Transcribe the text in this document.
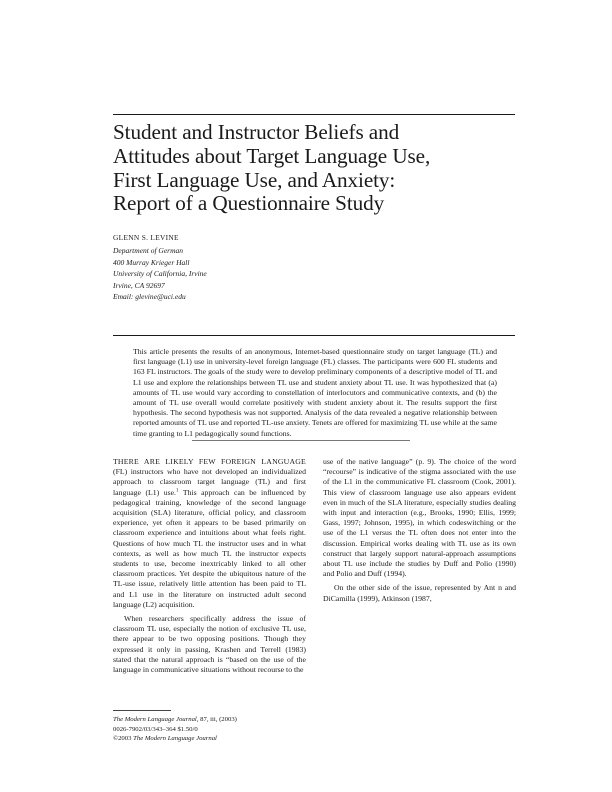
Student and Instructor Beliefs and
Attitudes about Target Language Use,
First Language Use, and Anxiety:
Report of a Questionnaire Study
GLENN S. LEVINE
Department of German
400 Murray Krieger Hall
University of California, Irvine
Irvine, CA 92697
Email: glevine@uci.edu
This article presents the results of an anonymous, Internet-based questionnaire study on target language (TL) and first language (L1) use in university-level foreign language (FL) classes. The participants were 600 FL students and 163 FL instructors. The goals of the study were to develop preliminary components of a descriptive model of TL and L1 use and explore the relationships between TL use and student anxiety about TL use. It was hypothesized that (a) amounts of TL use would vary according to constellation of interlocutors and communicative contexts, and (b) the amount of TL use overall would correlate positively with student anxiety about it. The results support the first hypothesis. The second hypothesis was not supported. Analysis of the data revealed a negative relationship between reported amounts of TL use and reported TL-use anxiety. Tenets are offered for maximizing TL use while at the same time granting to L1 pedagogically sound functions.

THERE ARE LIKELY FEW FOREIGN LANGUAGE (FL) instructors who have not developed an individualized approach to classroom target language (TL) and first language (L1) use.$^1$ This approach can be influenced by pedagogical training, knowledge of the second language acquisition (SLA) literature, official policy, and classroom experience, yet often it appears to be based primarily on classroom experience and intuitions about what feels right. Questions of how much TL the instructor uses and in what contexts, as well as how much TL the instructor expects students to use, become inextricably linked to all other classroom practices. Yet despite the ubiquitous nature of the TL-use issue, relatively little attention has been paid to TL and L1 use in the literature on instructed adult second language (L2) acquisition.

When researchers specifically address the issue of classroom TL use, especially the notion of exclusive TL use, there appear to be two opposing positions. Though they expressed it only in passing, Krashen and Terrell (1983) stated that the natural approach is “based on the use of the language in communicative situations without recourse to the

use of the native language” (p. 9). The choice of the word “recourse” is indicative of the stigma associated with the use of the L1 in the communicative FL classroom (Cook, 2001). This view of classroom language use also appears evident even in much of the SLA literature, especially studies dealing with input and interaction (e.g., Brooks, 1990; Ellis, 1999; Gass, 1997; Johnson, 1995), in which codeswitching or the use of the L1 versus the TL often does not enter into the discussion. Empirical works dealing with TL use as its own construct that largely support natural-approach assumptions about TL use include the studies by Duff and Polio (1990) and Polio and Duff (1994).

On the other side of the issue, represented by Ant n and DiCamilla (1999), Atkinson (1987,

The Modern Language Journal, 87, iii, (2003)
0026-7902/03/343–364 $1.50/0
©2003 The Modern Language Journal
